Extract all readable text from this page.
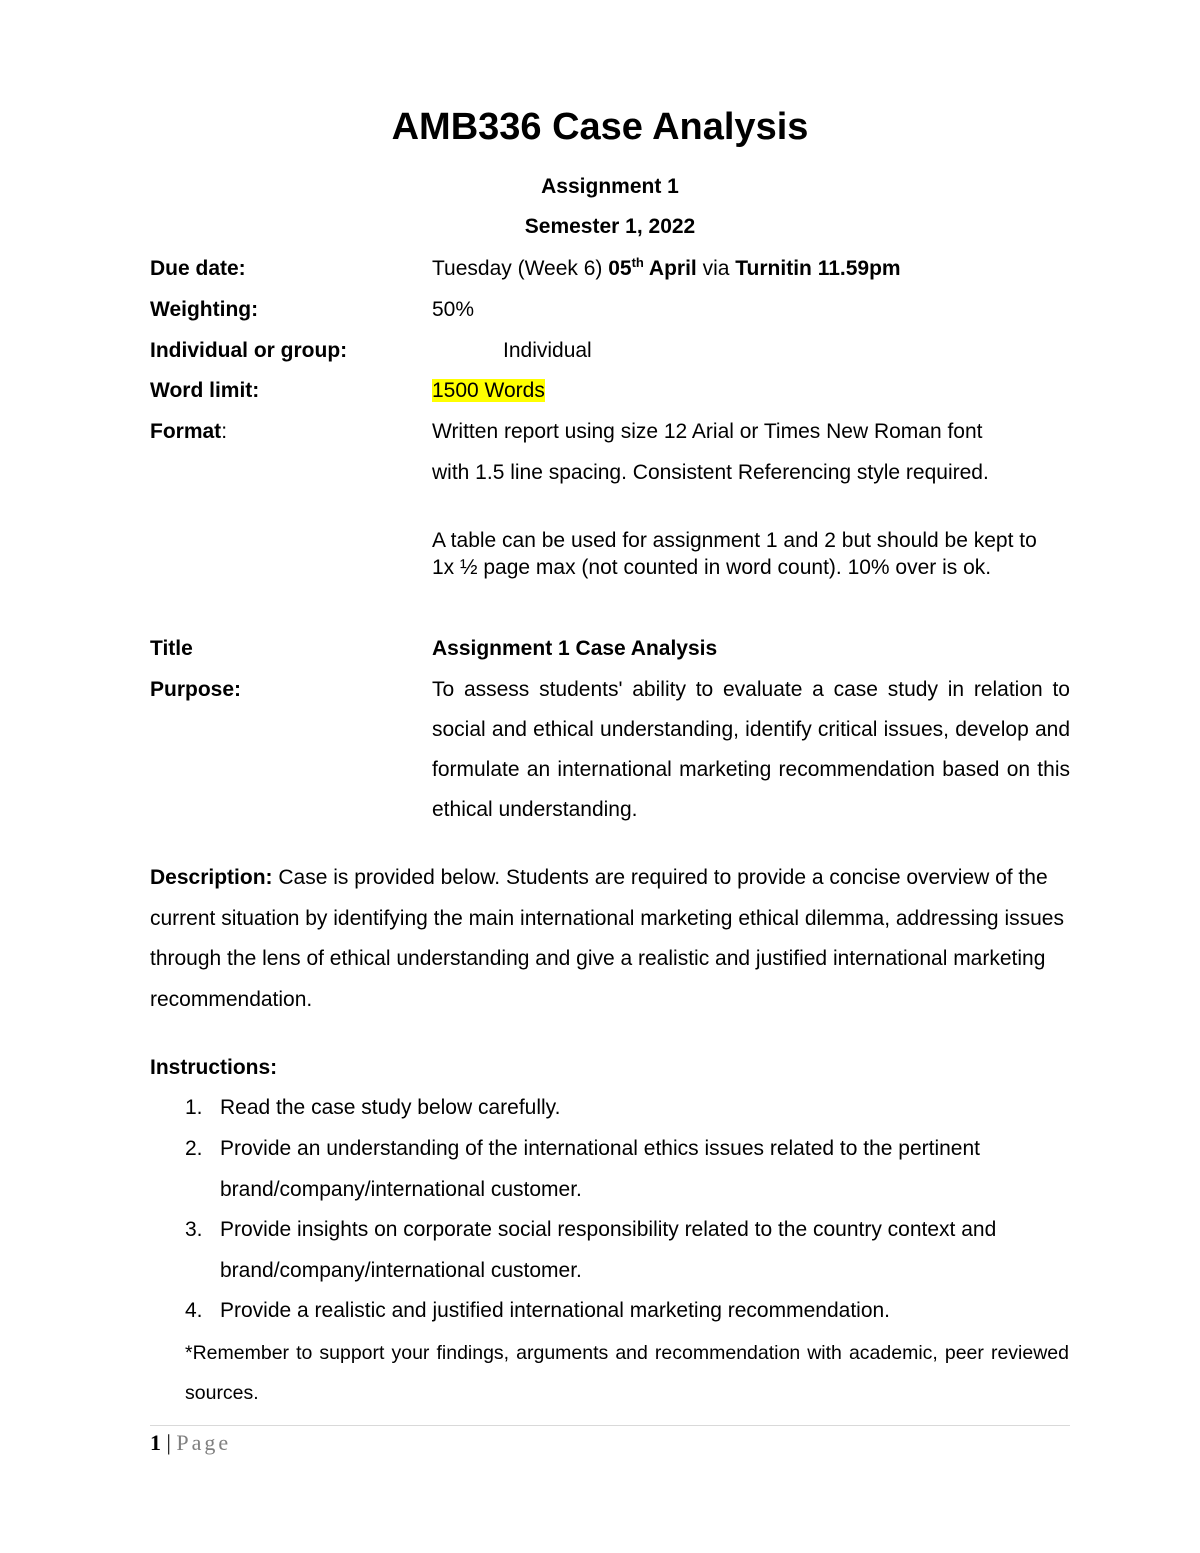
AMB336 Case Analysis
Assignment 1
Semester 1, 2022
Due date:	Tuesday (Week 6) 05th April via Turnitin 11.59pm
Weighting:	50%
Individual or group:	Individual
Word limit:	1500 Words
Format:	Written report using size 12 Arial or Times New Roman font
with 1.5 line spacing. Consistent Referencing style required.
A table can be used for assignment 1 and 2 but should be kept to 1x ½ page max (not counted in word count). 10% over is ok.
Title	Assignment 1 Case Analysis
Purpose:	To assess students' ability to evaluate a case study in relation to social and ethical understanding, identify critical issues, develop and formulate an international marketing recommendation based on this ethical understanding.
Description: Case is provided below. Students are required to provide a concise overview of the current situation by identifying the main international marketing ethical dilemma, addressing issues through the lens of ethical understanding and give a realistic and justified international marketing recommendation.
Instructions:
1. Read the case study below carefully.
2. Provide an understanding of the international ethics issues related to the pertinent brand/company/international customer.
3. Provide insights on corporate social responsibility related to the country context and brand/company/international customer.
4. Provide a realistic and justified international marketing recommendation.
*Remember to support your findings, arguments and recommendation with academic, peer reviewed sources.
1 | Page
